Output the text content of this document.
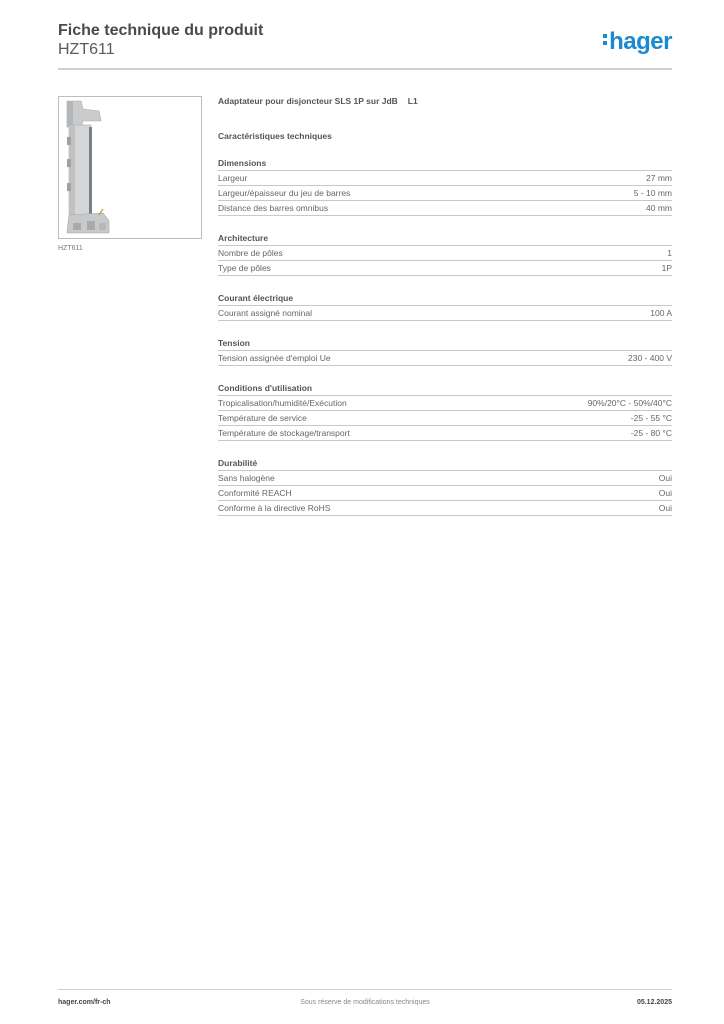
Fiche technique du produit
HZT611	hager
HZT611
Adaptateur pour disjoncteur SLS 1P sur JdB L1
Caractéristiques techniques
Dimensions
Largeur	27 mm
Largeur/épaisseur du jeu de barres	5 - 10 mm
Distance des barres omnibus	40 mm
Architecture
Nombre de pôles	1
Type de pôles	1P
Courant électrique
Courant assigné nominal	100 A
Tension
Tension assignée d'emploi Ue	230 - 400 V
Conditions d'utilisation
Tropicalisation/humidité/Exécution	90%/20°C - 50%/40°C
Température de service	-25 - 55 °C
Température de stockage/transport	-25 - 80 °C
Durabilité
Sans halogène	Oui
Conformité REACH	Oui
Conforme à la directive RoHS	Oui
hager.com/fr-ch	Sous réserve de modifications techniques	05.12.2025
